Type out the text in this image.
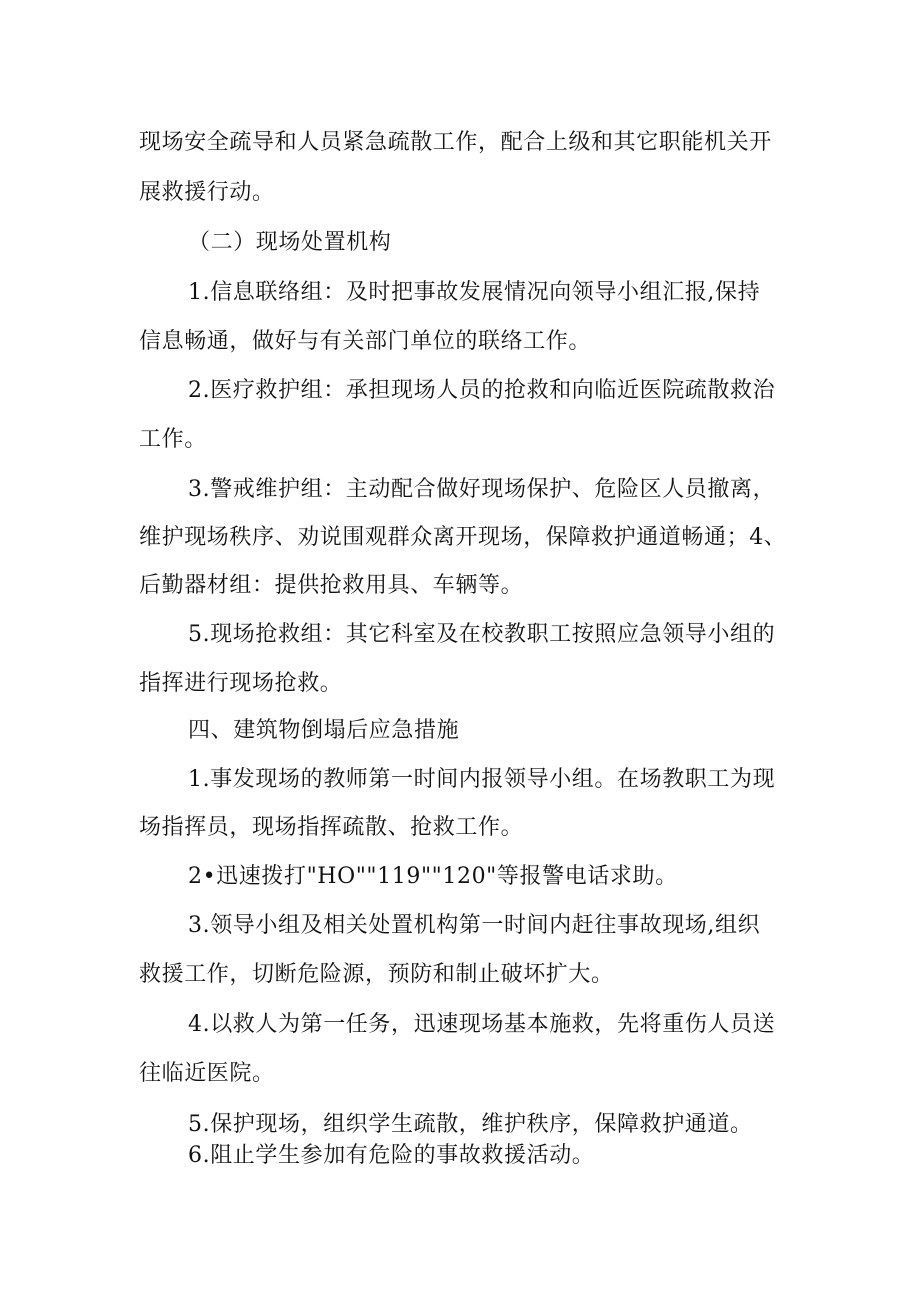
现场安全疏导和人员紧急疏散工作，配合上级和其它职能机关开
展救援行动。
（二）现场处置机构
1.信息联络组：及时把事故发展情况向领导小组汇报,保持
信息畅通，做好与有关部门单位的联络工作。
2.医疗救护组：承担现场人员的抢救和向临近医院疏散救治
工作。
3.警戒维护组：主动配合做好现场保护、危险区人员撤离，
维护现场秩序、劝说围观群众离开现场，保障救护通道畅通；4、
后勤器材组：提供抢救用具、车辆等。
5.现场抢救组：其它科室及在校教职工按照应急领导小组的
指挥进行现场抢救。
四、建筑物倒塌后应急措施
1.事发现场的教师第一时间内报领导小组。在场教职工为现
场指挥员，现场指挥疏散、抢救工作。
2•迅速拨打"HO""119""120"等报警电话求助。
3.领导小组及相关处置机构第一时间内赶往事故现场,组织
救援工作，切断危险源，预防和制止破坏扩大。
4.以救人为第一任务，迅速现场基本施救，先将重伤人员送
往临近医院。
5.保护现场，组织学生疏散，维护秩序，保障救护通道。
6.阻止学生参加有危险的事故救援活动。
